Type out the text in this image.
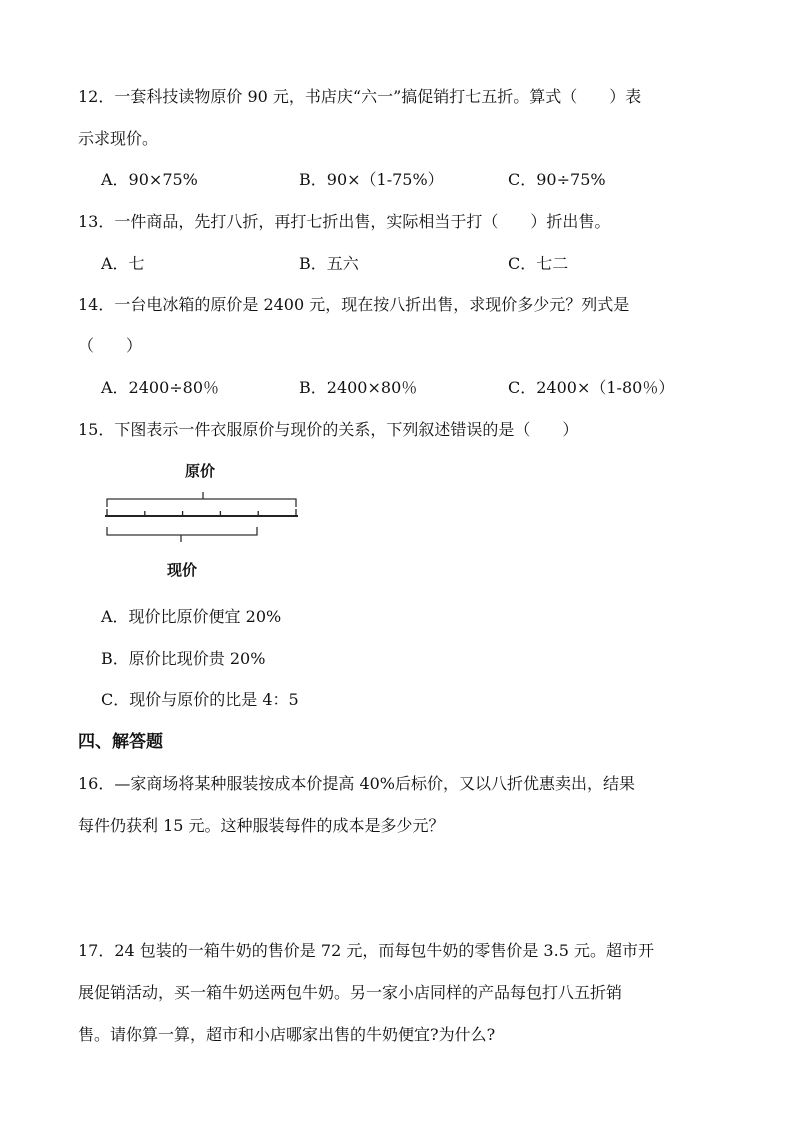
12．一套科技读物原价 90 元，书店庆“六一”搞促销打七五折。算式（　　）表
示求现价。
A．90×75%	B．90×（1-75%）	C．90÷75%
13．一件商品，先打八折，再打七折出售，实际相当于打（　　）折出售。
A．七	B．五六	C．七二
14．一台电冰箱的原价是 2400 元，现在按八折出售，求现价多少元？列式是
（　　）
A．2400÷80％	B．2400×80％	C．2400×（1-80％）
15．下图表示一件衣服原价与现价的关系，下列叙述错误的是（　　）
原价
现价
A．现价比原价便宜 20%
B．原价比现价贵 20%
C．现价与原价的比是 4：5
四、解答题
16．—家商场将某种服装按成本价提高 40%后标价，又以八折优惠卖出，结果
每件仍获利 15 元。这种服装每件的成本是多少元？
17．24 包装的一箱牛奶的售价是 72 元，而每包牛奶的零售价是 3.5 元。超市开
展促销活动，买一箱牛奶送两包牛奶。另一家小店同样的产品每包打八五折销
售。请你算一算，超市和小店哪家出售的牛奶便宜?为什么?
